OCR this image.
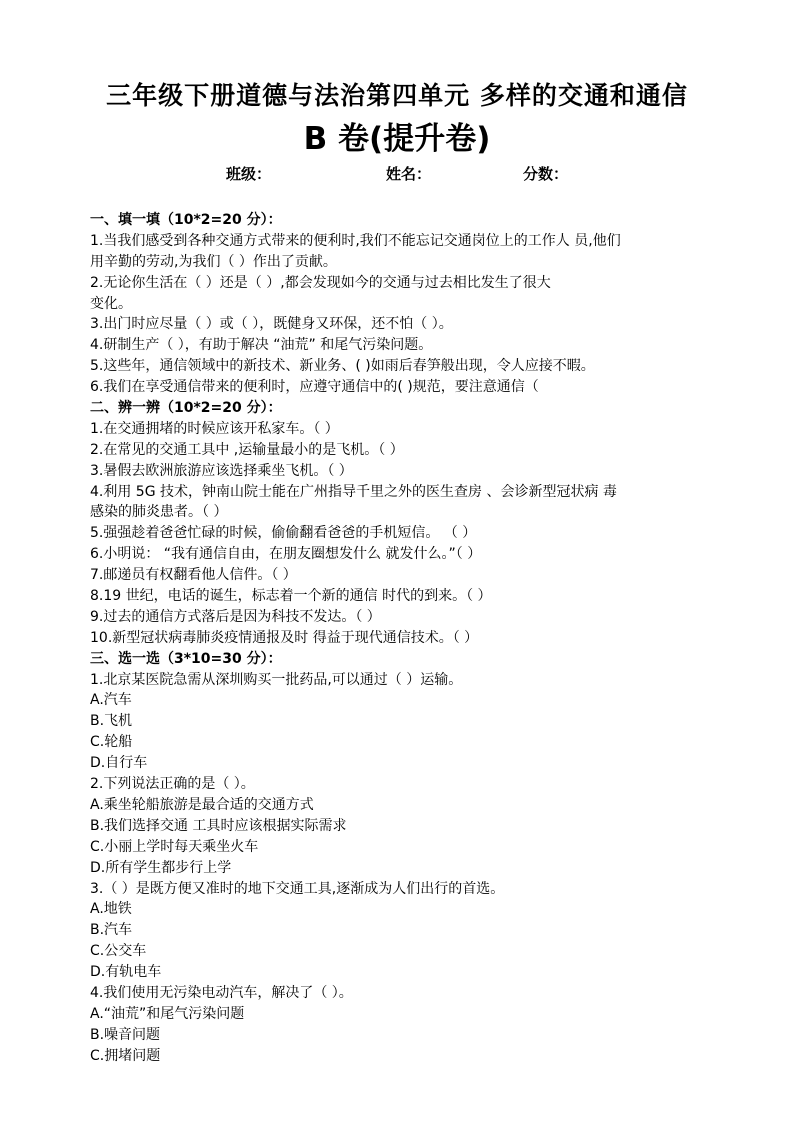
三年级下册道德与法治第四单元 多样的交通和通信
B 卷(提升卷)
班级：	姓名：	分数：
一、填一填（10*2=20 分）：
1.当我们感受到各种交通方式带来的便利时,我们不能忘记交通岗位上的工作人 员,他们
用辛勤的劳动,为我们（ ）作出了贡献。
2.无论你生活在（ ）还是（ ）,都会发现如今的交通与过去相比发生了很大
变化。
3.出门时应尽量（ ）或（ ），既健身又环保，还不怕（ ）。
4.研制生产（ ），有助于解决 “油荒” 和尾气污染问题。
5.这些年，通信领域中的新技术、新业务、( )如雨后春笋般出现，令人应接不暇。
6.我们在享受通信带来的便利时，应遵守通信中的( )规范，要注意通信（
二、辨一辨（10*2=20 分）：
1.在交通拥堵的时候应该开私家车。（ ）
2.在常见的交通工具中 ,运输量最小的是飞机。（ ）
3.暑假去欧洲旅游应该选择乘坐飞机。（ ）
4.利用 5G 技术，钟南山院士能在广州指导千里之外的医生查房 、会诊新型冠状病 毒
感染的肺炎患者。（ ）
5.强强趁着爸爸忙碌的时候，偷偷翻看爸爸的手机短信。 （ ）
6.小明说： “我有通信自由，在朋友圈想发什么 就发什么。”（ ）
7.邮递员有权翻看他人信件。（ ）
8.19 世纪，电话的诞生，标志着一个新的通信 时代的到来。（ ）
9.过去的通信方式落后是因为科技不发达。（ ）
10.新型冠状病毒肺炎疫情通报及时 得益于现代通信技术。（ ）
三、选一选（3*10=30 分）：
1.北京某医院急需从深圳购买一批药品,可以通过（ ）运输。
A.汽车
B.飞机
C.轮船
D.自行车
2.下列说法正确的是（ ）。
A.乘坐轮船旅游是最合适的交通方式
B.我们选择交通 工具时应该根据实际需求
C.小丽上学时每天乘坐火车
D.所有学生都步行上学
3.（ ）是既方便又准时的地下交通工具,逐渐成为人们出行的首选。
A.地铁
B.汽车
C.公交车
D.有轨电车
4.我们使用无污染电动汽车，解决了（ ）。
A.“油荒”和尾气污染问题
B.噪音问题
C.拥堵问题
